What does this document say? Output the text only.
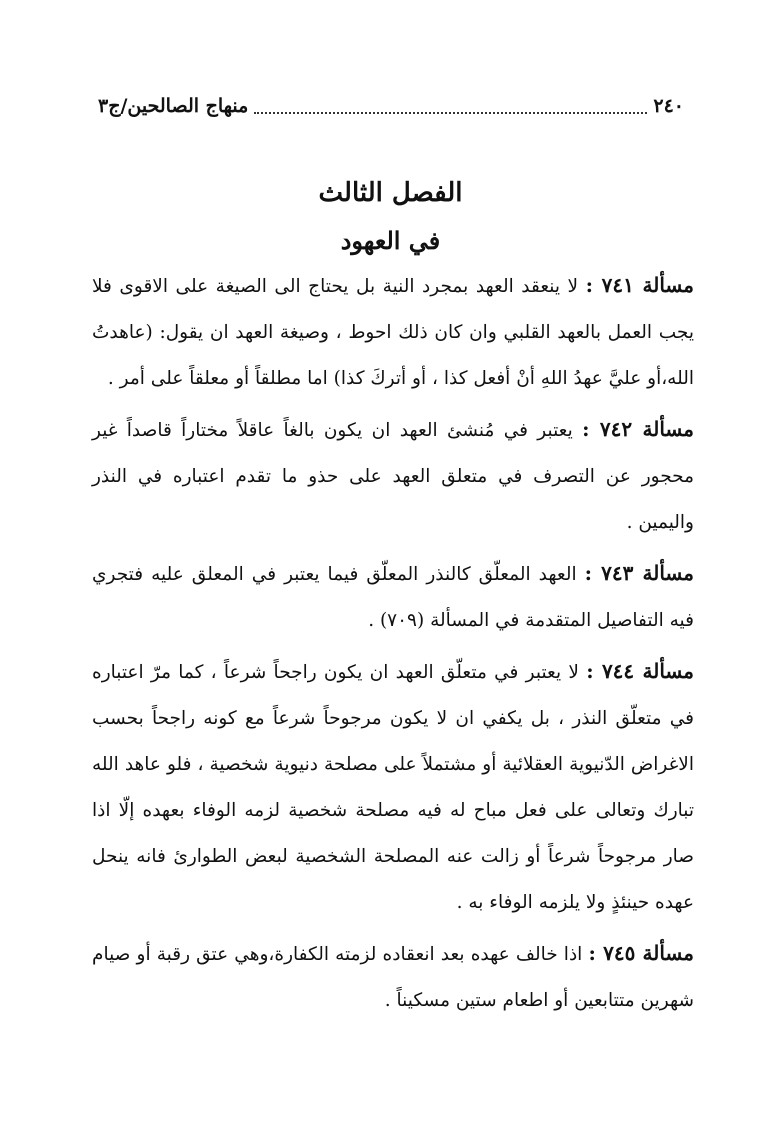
٢٤٠
منهاج الصالحين/ج٣
الفصل الثالث
في العهود

مسألة ٧٤١ : لا ينعقد العهد بمجرد النية بل يحتاج الى الصيغة على الاقوى فلا يجب العمل بالعهد القلبي وان كان ذلك احوط ، وصيغة العهد ان يقول: (عاهدتُ الله،أو عليَّ عهدُ اللهِ أنْ أفعل كذا ، أو أتركَ كذا) اما مطلقاً أو معلقاً على أمر .

مسألة ٧٤٢ : يعتبر في مُنشئ العهد ان يكون بالغاً عاقلاً مختاراً قاصداً غير محجور عن التصرف في متعلق العهد على حذو ما تقدم اعتباره في النذر واليمين .

مسألة ٧٤٣ : العهد المعلّق كالنذر المعلّق فيما يعتبر في المعلق عليه فتجري فيه التفاصيل المتقدمة في المسألة (٧٠٩) .

مسألة ٧٤٤ : لا يعتبر في متعلّق العهد ان يكون راجحاً شرعاً ، كما مرّ اعتباره في متعلّق النذر ، بل يكفي ان لا يكون مرجوحاً شرعاً مع كونه راجحاً بحسب الاغراض الدّنيوية العقلائية أو مشتملاً على مصلحة دنيوية شخصية ، فلو عاهد الله تبارك وتعالى على فعل مباح له فيه مصلحة شخصية لزمه الوفاء بعهده إلّا اذا صار مرجوحاً شرعاً أو زالت عنه المصلحة الشخصية لبعض الطوارئ فانه ينحل عهده حينئذٍ ولا يلزمه الوفاء به .

مسألة ٧٤٥ : اذا خالف عهده بعد انعقاده لزمته الكفارة،وهي عتق رقبة أو صيام شهرين متتابعين أو اطعام ستين مسكيناً .
